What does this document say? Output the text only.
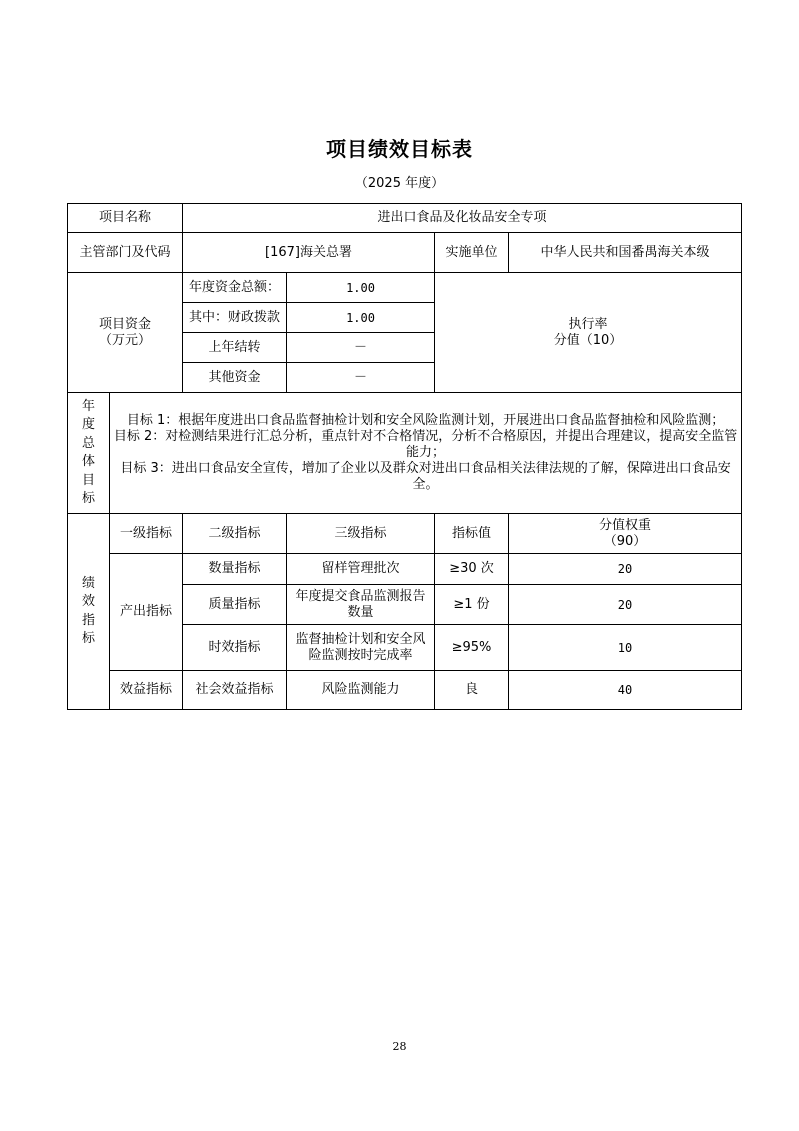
项目绩效目标表
（2025 年度）
项目名称		进出口食品及化妆品安全专项			
主管部门及代码		[167]海关总署		实施单位	中华人民共和国番禺海关本级
项目资金
（万元）		年度资金总额：	1.00	执行率
分值（10）	
		其中：财政拨款	1.00		
		上年结转	－		
		其他资金	－		
年度总体目标	目标 1：根据年度进出口食品监督抽检计划和安全风险监测计划，开展进出口食品监督抽检和风险监测；
目标 2：对检测结果进行汇总分析，重点针对不合格情况，分析不合格原因，并提出合理建议，提高安全监管能力；
目标 3：进出口食品安全宣传，增加了企业以及群众对进出口食品相关法律法规的了解，保障进出口食品安全。				

绩效指标	一级指标	二级指标	三级指标	指标值	分值权重
（90）
	产出指标	数量指标	留样管理批次	≥30 次	20
		质量指标	年度提交食品监测报告数量	≥1 份	20
		时效指标	监督抽检计划和安全风险监测按时完成率	≥95%	10
	效益指标	社会效益指标	风险监测能力	良	40
28
